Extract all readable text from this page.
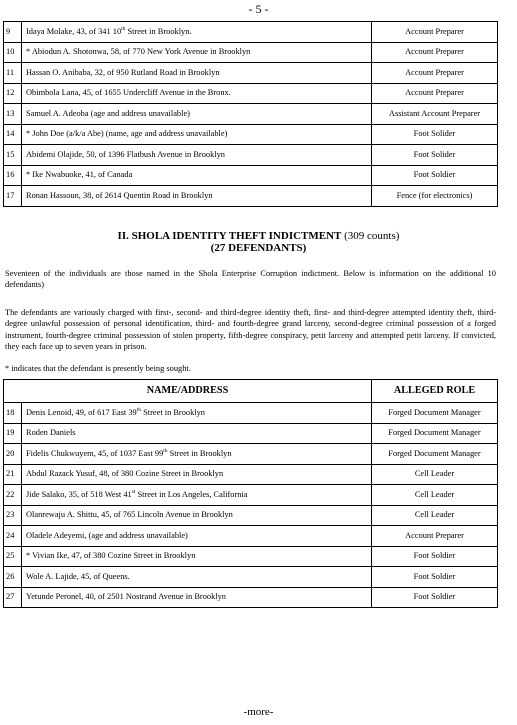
- 5 -
9	Idaya Molake, 43, of 341 10th Street in Brooklyn.	Account Preparer
10	* Abiodun A. Shotonwa, 58, of 770 New York Avenue in Brooklyn	Account Preparer
11	Hassan O. Anibaba, 32, of 950 Rutland Road in Brooklyn	Account Preparer
12	Obimbola Lana, 45, of 1655 Undercliff Avenue in the Bronx.	Account Preparer
13	Samuel A. Adeoba (age and address unavailable)	Assistant Account Preparer
14	* John Doe (a/k/a Abe) (name, age and address unavailable)	Foot Solider
15	Abidemi Olajide, 50, of 1396 Flatbush Avenue in Brooklyn	Foot Solider
16	* Ike Nwabuoke, 41, of Canada	Foot Soldier
17	Ronan Hassoun, 38, of 2614 Quentin Road in Brooklyn	Fence (for electronics)
II. SHOLA IDENTITY THEFT INDICTMENT (309 counts)
(27 DEFENDANTS)

Seventeen of the individuals are those named in the Shola Enterprise Corruption indictment. Below is information on the additional 10 defendants)

The defendants are variously charged with first-, second- and third-degree identity theft, first- and third-degree attempted identity theft, third-degree unlawful possession of personal identification, third- and fourth-degree grand larceny, second-degree criminal possession of a forged instrument, fourth-degree criminal possession of stolen property, fifth-degree conspiracy, petit larceny and attempted petit larceny. If convicted, they each face up to seven years in prison.

* indicates that the defendant is presently being sought.

NAME/ADDRESS		ALLEGED ROLE
18	Denis Lenoid, 49, of 617 East 39th Street in Brooklyn	Forged Document Manager
19	Roden Daniels	Forged Document Manager
20	Fidelis Chukwuyem, 45, of 1037 East 99th Street in Brooklyn	Forged Document Manager
21	Abdul Razack Yusuf, 48, of 380 Cozine Street in Brooklyn	Cell Leader
22	Jide Salako, 35, of 518 West 41st Street in Los Angeles, California	Cell Leader
23	Olanrewaju A. Shittu, 45, of 765 Lincoln Avenue in Brooklyn	Cell Leader
24	Oladele Adeyemi, (age and address unavailable)	Account Preparer
25	* Vivian Ike, 47, of 380 Cozine Street in Brooklyn	Foot Soldier
26	Wole A. Lajide, 45, of Queens.	Foot Soldier
27	Yetunde Peronel, 40, of 2501 Nostrand Avenue in Brooklyn	Foot Soldier
-more-
